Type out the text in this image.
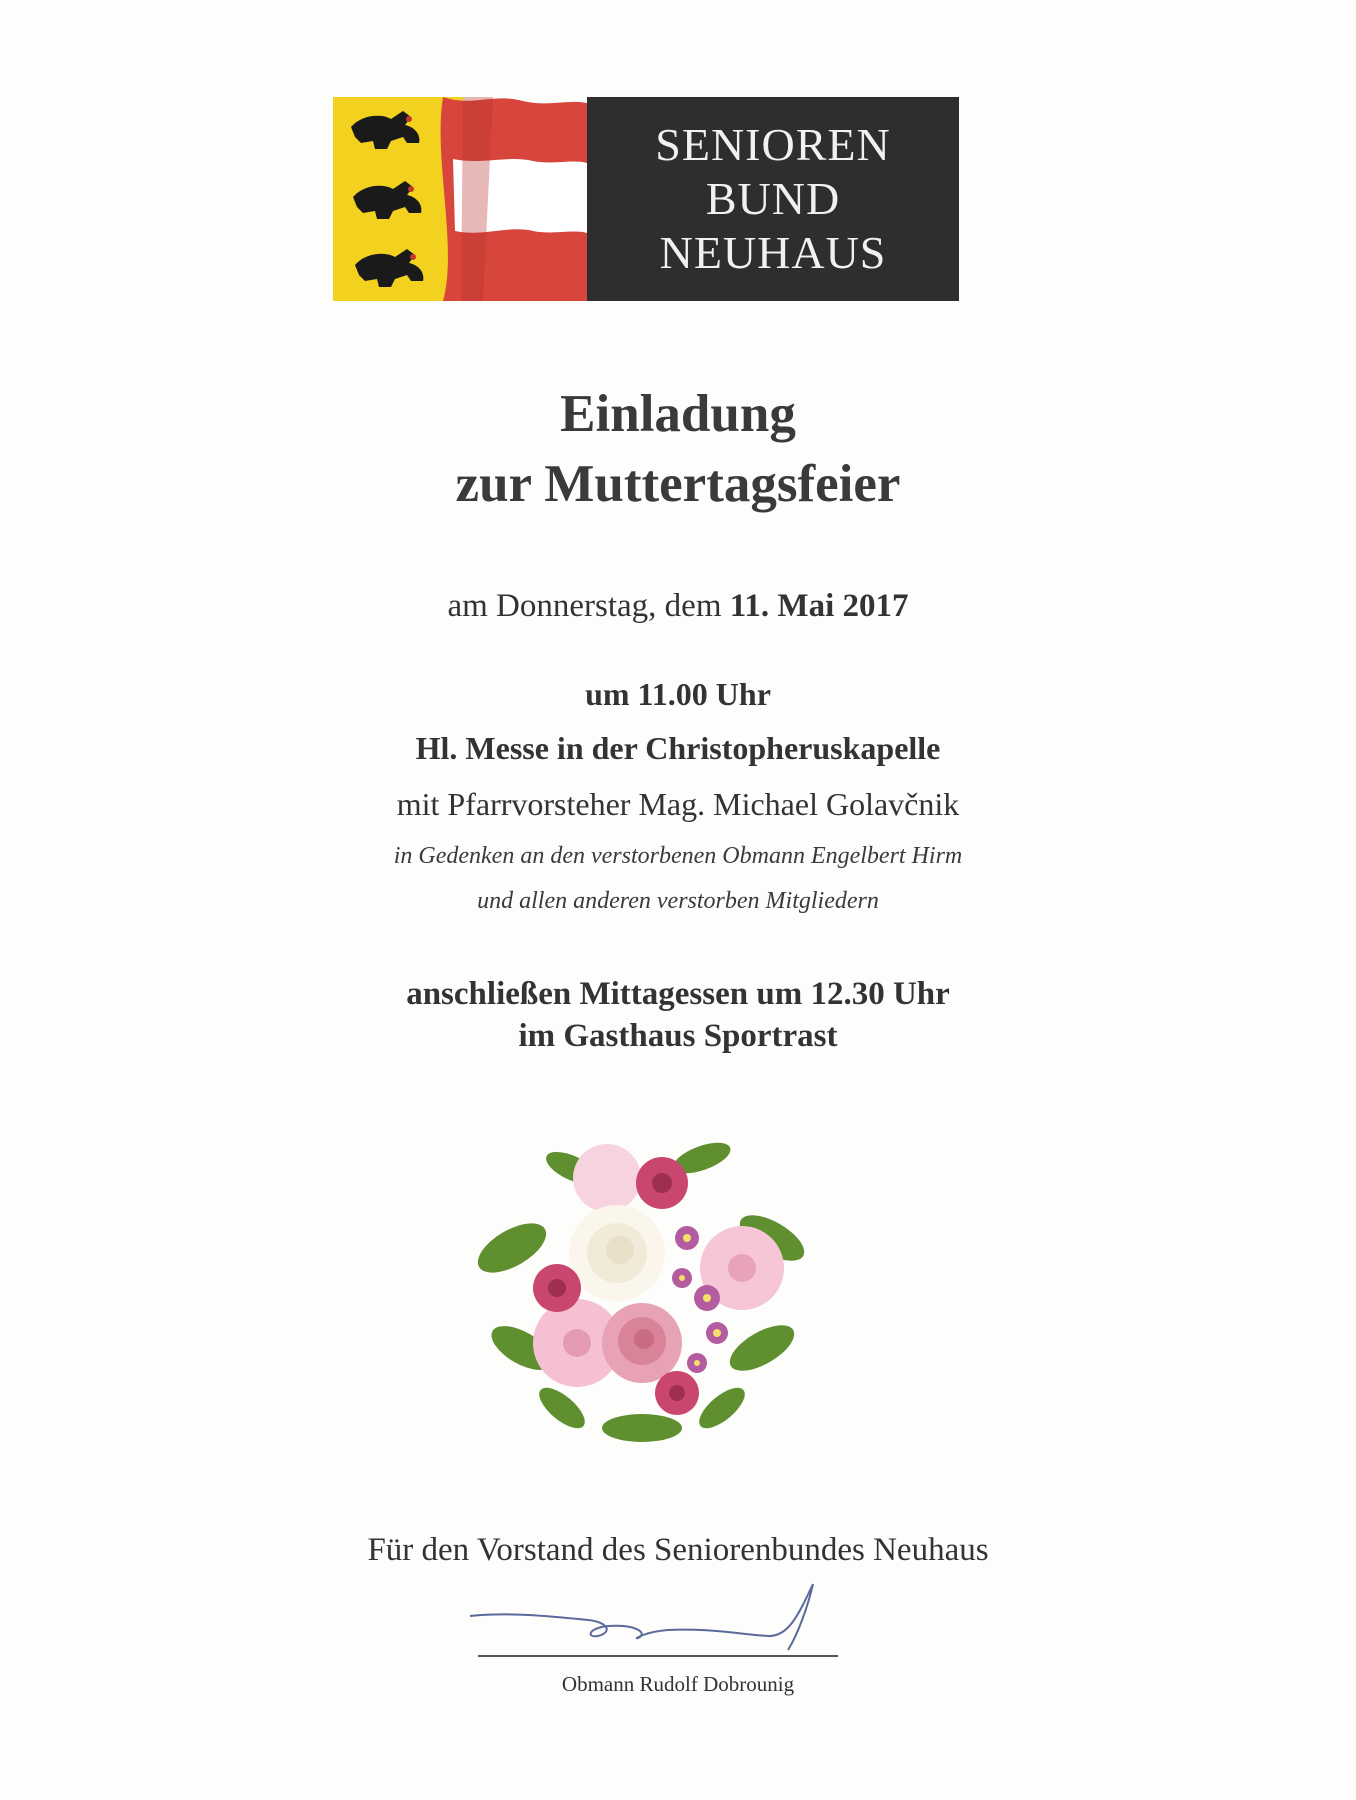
SENIOREN
BUND
NEUHAUS
Einladung
zur Muttertagsfeier
am Donnerstag, dem 11. Mai 2017
um 11.00 Uhr
Hl. Messe in der Christopheruskapelle
mit Pfarrvorsteher Mag. Michael Golavčnik
in Gedenken an den verstorbenen Obmann Engelbert Hirm
und allen anderen verstorben Mitgliedern
anschließen Mittagessen um 12.30 Uhr
im Gasthaus Sportrast
Für den Vorstand des Seniorenbundes Neuhaus
Obmann Rudolf Dobrounig
